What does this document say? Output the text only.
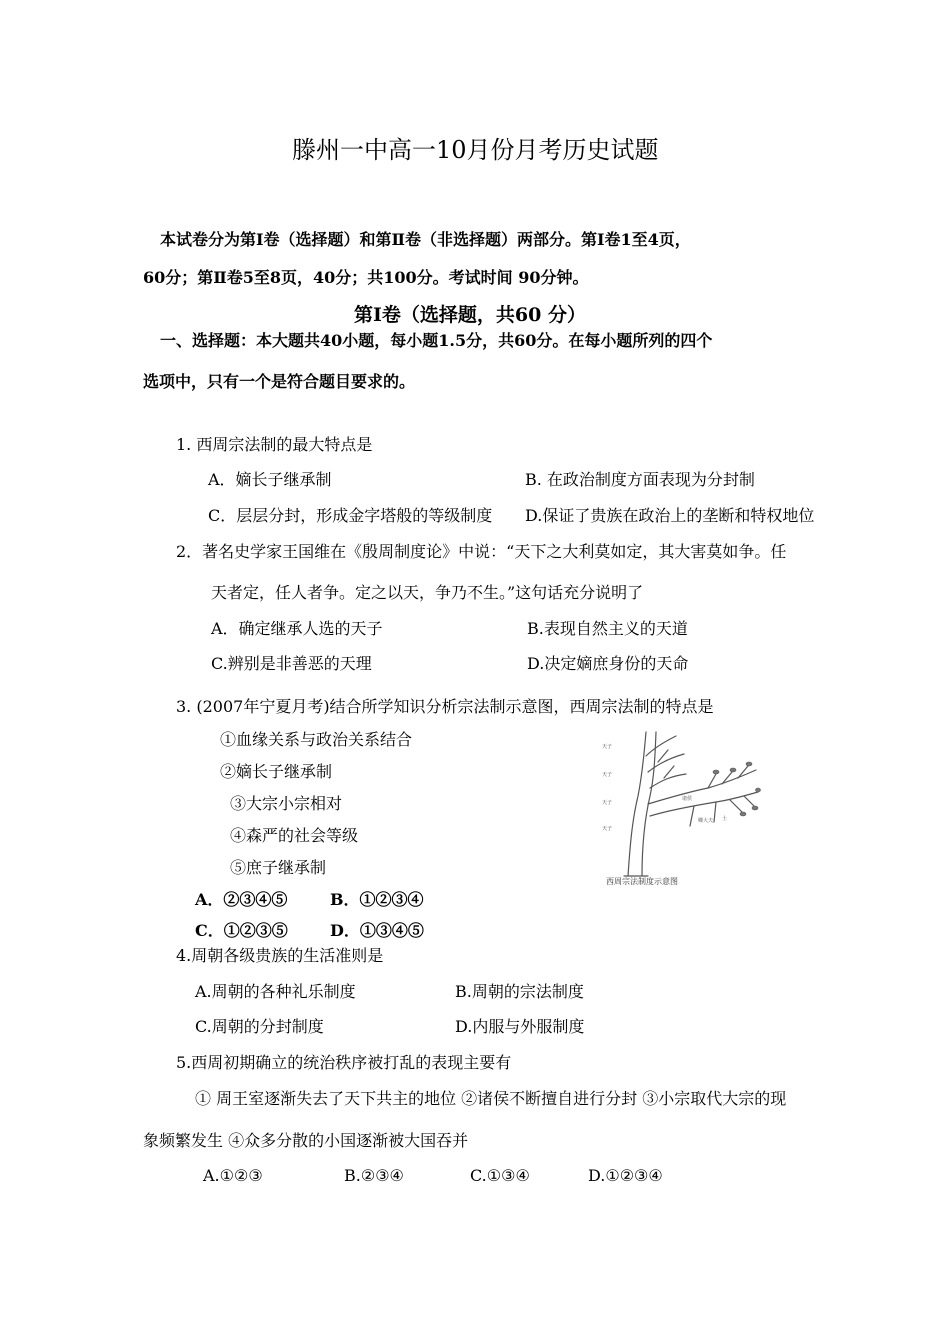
滕州一中高一10月份月考历史试题
本试卷分为第Ⅰ卷（选择题）和第Ⅱ卷（非选择题）两部分。第Ⅰ卷1至4页，
60分；第Ⅱ卷5至8页，40分；共100分。考试时间 90分钟。
第Ⅰ卷（选择题，共60 分）
一、选择题：本大题共40小题，每小题1.5分，共60分。在每小题所列的四个
选项中，只有一个是符合题目要求的。
1. 西周宗法制的最大特点是
A．嫡长子继承制	B. 在政治制度方面表现为分封制
C．层层分封，形成金字塔般的等级制度 D.保证了贵族在政治上的垄断和特权地位
2．著名史学家王国维在《殷周制度论》中说：“天下之大利莫如定，其大害莫如争。任
天者定，任人者争。定之以天，争乃不生。”这句话充分说明了
A．确定继承人选的天子	B.表现自然主义的天道
C.辨别是非善恶的天理	D.决定嫡庶身份的天命
3. (2007年宁夏月考)结合所学知识分析宗法制示意图，西周宗法制的特点是
①血缘关系与政治关系结合
②嫡长子继承制
③大宗小宗相对
④森严的社会等级
⑤庶子继承制
A．②③④⑤	B．①②③④
C．①②③⑤	D．①③④⑤
天子
天子
天子
天子
诸侯
卿大夫 士
西周宗法制度示意图
4.周朝各级贵族的生活准则是
A.周朝的各种礼乐制度	B.周朝的宗法制度
C.周朝的分封制度	D.内服与外服制度
5.西周初期确立的统治秩序被打乱的表现主要有
① 周王室逐渐失去了天下共主的地位 ②诸侯不断擅自进行分封 ③小宗取代大宗的现
象频繁发生 ④众多分散的小国逐渐被大国吞并
A.①②③	B.②③④	C.①③④	D.①②③④
